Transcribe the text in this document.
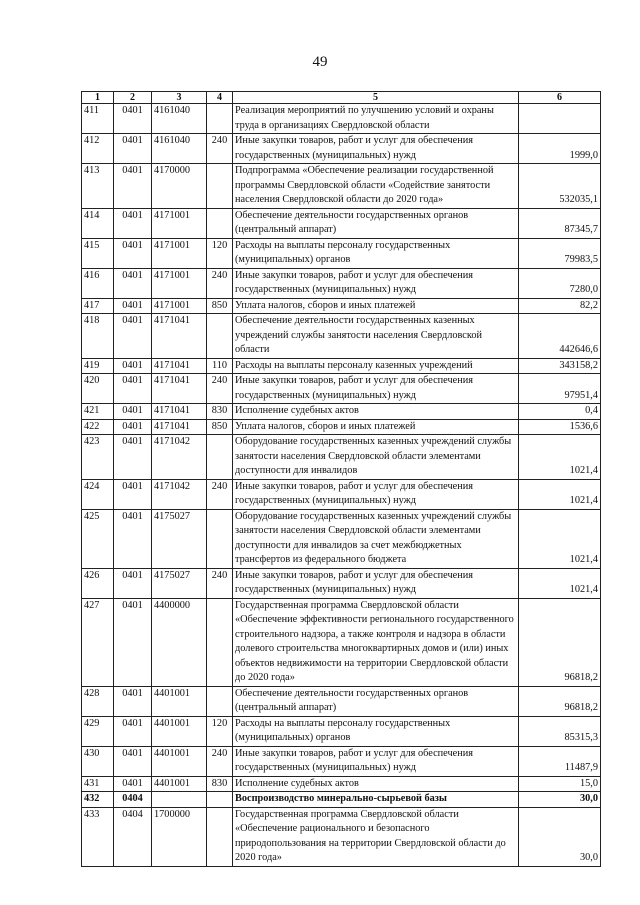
49
1	2	3	4	5	6
411	0401	4161040		Реализация мероприятий по улучшению условий и охраны труда в организациях Свердловской области	
412	0401	4161040	240	Иные закупки товаров, работ и услуг для обеспечения государственных (муниципальных) нужд	1999,0
413	0401	4170000		Подпрограмма «Обеспечение реализации государственной программы Свердловской области «Содействие занятости населения Свердловской области до 2020 года»	532035,1
414	0401	4171001		Обеспечение деятельности государственных органов (центральный аппарат)	87345,7
415	0401	4171001	120	Расходы на выплаты персоналу государственных (муниципальных) органов	79983,5
416	0401	4171001	240	Иные закупки товаров, работ и услуг для обеспечения государственных (муниципальных) нужд	7280,0
417	0401	4171001	850	Уплата налогов, сборов и иных платежей	82,2
418	0401	4171041		Обеспечение деятельности государственных казенных учреждений службы занятости населения Свердловской области	442646,6
419	0401	4171041	110	Расходы на выплаты персоналу казенных учреждений	343158,2
420	0401	4171041	240	Иные закупки товаров, работ и услуг для обеспечения государственных (муниципальных) нужд	97951,4
421	0401	4171041	830	Исполнение судебных актов	0,4
422	0401	4171041	850	Уплата налогов, сборов и иных платежей	1536,6
423	0401	4171042		Оборудование государственных казенных учреждений службы занятости населения Свердловской области элементами доступности для инвалидов	1021,4
424	0401	4171042	240	Иные закупки товаров, работ и услуг для обеспечения государственных (муниципальных) нужд	1021,4
425	0401	4175027		Оборудование государственных казенных учреждений службы занятости населения Свердловской области элементами доступности для инвалидов за счет межбюджетных трансфертов из федерального бюджета	1021,4
426	0401	4175027	240	Иные закупки товаров, работ и услуг для обеспечения государственных (муниципальных) нужд	1021,4
427	0401	4400000		Государственная программа Свердловской области «Обеспечение эффективности регионального государственного строительного надзора, а также контроля и надзора в области долевого строительства многоквартирных домов и (или) иных объектов недвижимости на территории Свердловской области до 2020 года»	96818,2
428	0401	4401001		Обеспечение деятельности государственных органов (центральный аппарат)	96818,2
429	0401	4401001	120	Расходы на выплаты персоналу государственных (муниципальных) органов	85315,3
430	0401	4401001	240	Иные закупки товаров, работ и услуг для обеспечения государственных (муниципальных) нужд	11487,9
431	0401	4401001	830	Исполнение судебных актов	15,0
432	0404			Воспроизводство минерально-сырьевой базы	30,0
433	0404	1700000		Государственная программа Свердловской области «Обеспечение рационального и безопасного природопользования на территории Свердловской области до 2020 года»	30,0
